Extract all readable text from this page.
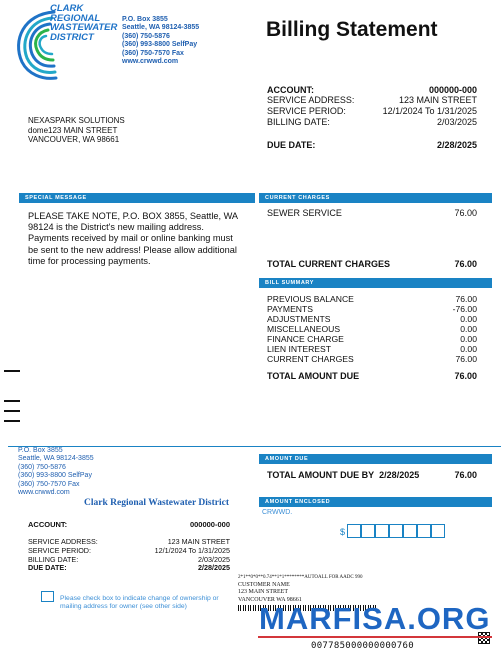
CLARK
REGIONAL
WASTEWATER
DISTRICT
P.O. Box 3855
Seattle, WA 98124-3855
(360) 750-5876
(360) 993-8800 SelfPay
(360) 750-7570 Fax
www.crwwd.com
Billing Statement
ACCOUNT:	000000-000
SERVICE ADDRESS:	123 MAIN STREET
SERVICE PERIOD:	12/1/2024 To 1/31/2025
BILLING DATE:	2/03/2025
DUE DATE:	2/28/2025
NEXASPARK SOLUTIONS
dome123 MAIN STREET
VANCOUVER, WA 98661
SPECIAL MESSAGE
PLEASE TAKE NOTE, P.O. BOX 3855, Seattle, WA 98124 is the District's new mailing address. Payments received by mail or online banking must be sent to the new address! Please allow additional time for processing payments.
CURRENT CHARGES
SEWER SERVICE	76.00
TOTAL CURRENT CHARGES	76.00
BILL SUMMARY
PREVIOUS BALANCE	76.00
PAYMENTS	-76.00
ADJUSTMENTS	0.00
MISCELLANEOUS	0.00
FINANCE CHARGE	0.00
LIEN INTEREST	0.00
CURRENT CHARGES	76.00
TOTAL AMOUNT DUE	76.00
P.O. Box 3855
Seattle, WA 98124-3855
(360) 750-5876
(360) 993-8800 SelfPay
(360) 750-7570 Fax
www.crwwd.com
Clark Regional Wastewater District
ACCOUNT:	000000-000
SERVICE ADDRESS:	123 MAIN STREET
SERVICE PERIOD:	12/1/2024 To 1/31/2025
BILLING DATE:	2/03/2025
DUE DATE:	2/28/2025
Please check box to indicate change of ownership or mailing address for owner (see other side)
AMOUNT DUE
TOTAL AMOUNT DUE BY 2/28/2025	76.00
AMOUNT ENCLOSED
CRWWD.
$
2*1**0*0**0.74**1*1********AUTOALL FOR AADC 990
CUSTOMER NAME
123 MAIN STREET
VANCOUVER WA 98661
MARFISA.ORG
007785000000000760
